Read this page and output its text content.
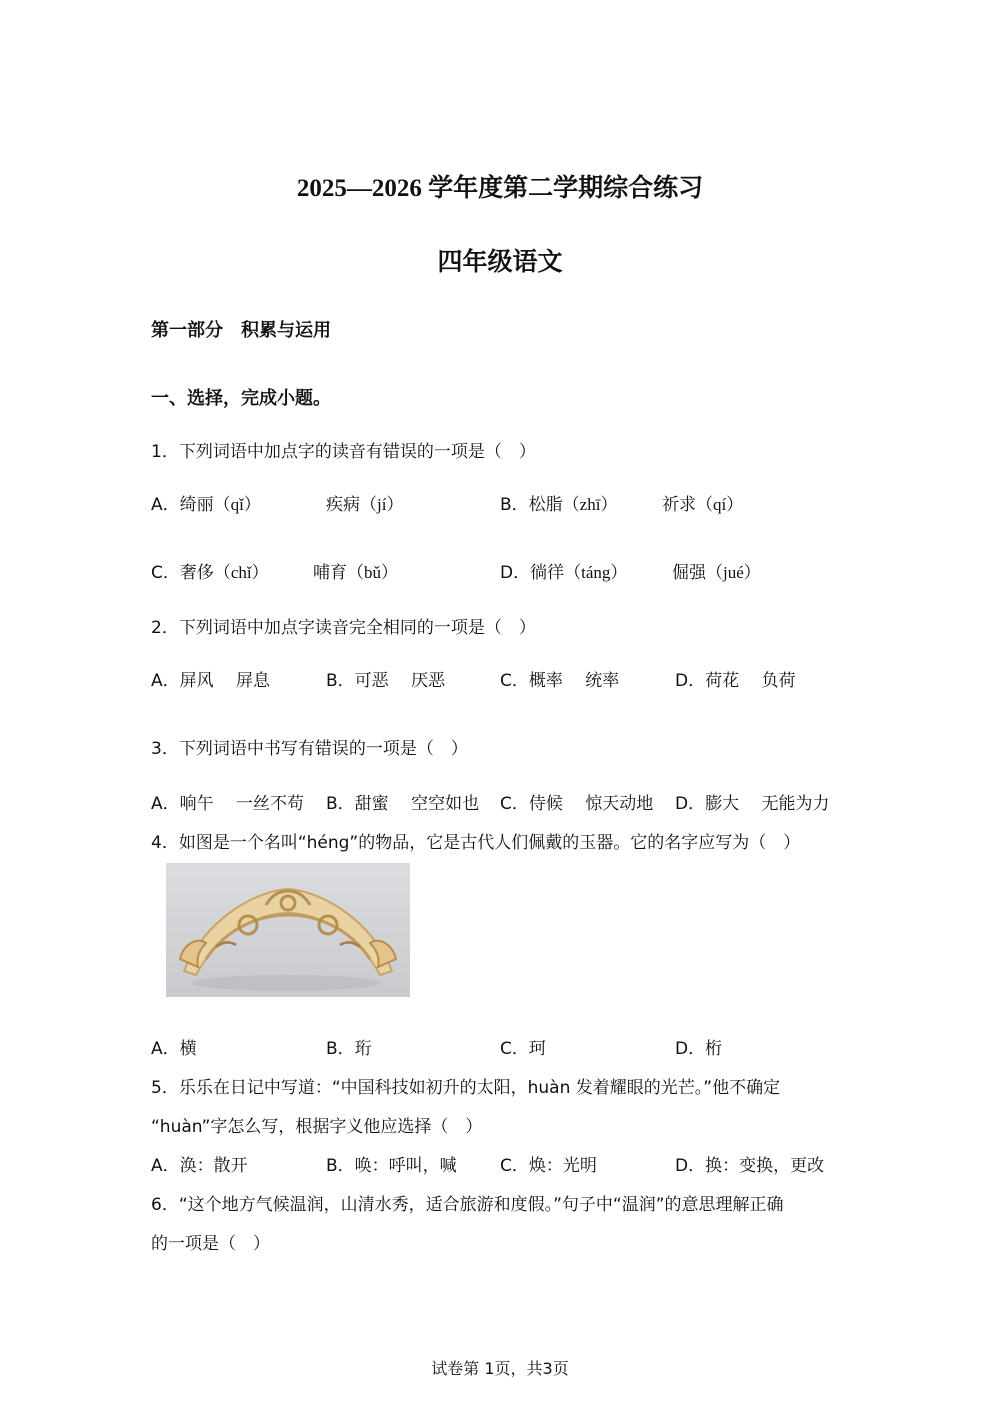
2025—2026 学年度第二学期综合练习
四年级语文
第一部分　积累与运用
一、选择，完成小题。
1．下列词语中加点字的读音有错误的一项是（　）
A．绮丽（qǐ）	疾病（jí）	B．松脂（zhī）	祈求（qí）
C．奢侈（chǐ）	哺育（bǔ）	D．徜徉（táng）	倔强（jué）
2．下列词语中加点字读音完全相同的一项是（　）
A．屏风　 屏息	B．可恶　 厌恶	C．概率　 统率	D．荷花　 负荷
3．下列词语中书写有错误的一项是（　）
A．响午　 一丝不苟 B．甜蜜　 空空如也 C．侍候　 惊天动地 D．膨大　 无能为力
4．如图是一个名叫“héng”的物品，它是古代人们佩戴的玉器。它的名字应写为（　）
A．横	B．珩	C．珂	D．桁
5．乐乐在日记中写道：“中国科技如初升的太阳，huàn 发着耀眼的光芒。”他不确定
“huàn”字怎么写，根据字义他应选择（　）
A．涣：散开	B．唤：呼叫，喊	C．焕：光明	D．换：变换，更改
6．“这个地方气候温润，山清水秀，适合旅游和度假。”句子中“温润”的意思理解正确
的一项是（　）
试卷第 1页，共3页
